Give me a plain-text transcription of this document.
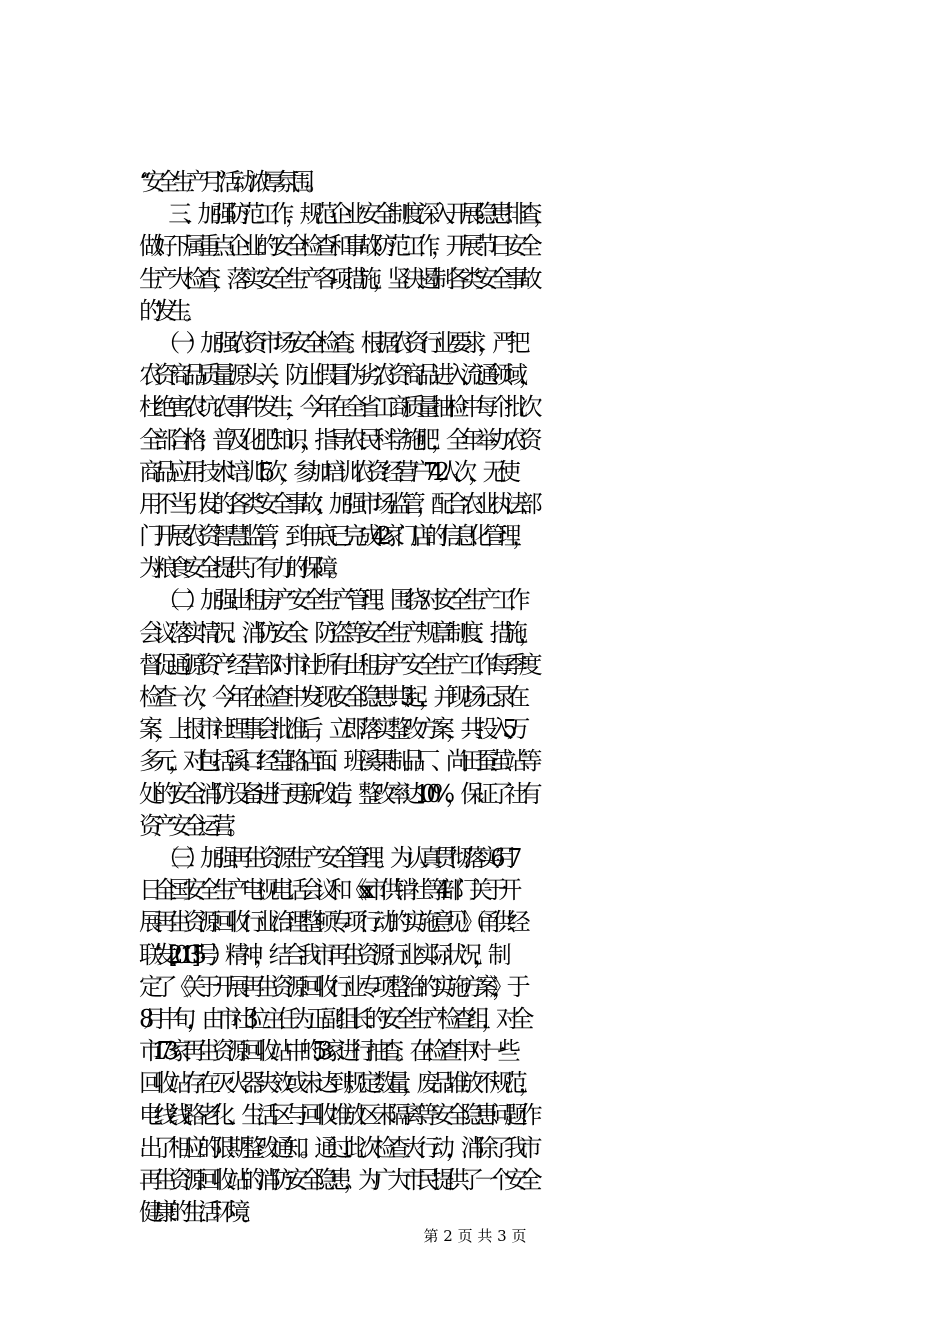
“安全生产月”活动浓厚氛围。
　　三、加强防范工作，规范企业安全制度深入开展隐患排查，
做好下属重点企业的安全检查和事故防范工作，开展节日安全
生产大检查，落实安全生产各项措施，坚决遏制各类安全事故
的发生。
　　（一）加强农资市场安全检查。根据农资行业要求，严把
农资商品质量源头关，防止假冒伪劣农资商品进入流通领域，
杜绝害农坑农事件发生，今年在全省工商质量抽检中每个批次
全部合格；普及化肥知识，指导农民科学施肥，全年举办农资
商品应用技术培训 15 次，参加培训农资经营户 742 人次，无使
用不当引发的各类安全事故；加强市场监管，配合农业执法部
门开展农资智慧监管，到年底已完成 42 家门店的信息化管理，
为粮食安全提供了有力的保障。
　　（二）加强出租房产安全生产管理。围绕对安全生产工作
会议落实情况、消防安全、防盗等安全生产规章制度、措施，
督促通源资产经营部对市社所有出租房产安全生产工作每季度
检查一次，今年在检查中发现安全隐患共 3 起，并现场记录在
案，上报市社理事会批准后，立即落实整改方案，共投入 5 万
多元，对包括溪口经堂路店面、班溪果制品厂、尚田蚕茧站等
处的安全消防设备进行更新改造，整改率达 100%，保证了社有
资产安全运营。
　　（三）加强再生资源生产安全管理。为认真贯彻落实 6 月 7
日全国安全生产电视电话会议和《xx 市供销社等 4 部门关于开
展再生资源回收行业治理整顿专项行动的实施意见》（甬供经
联发[2013]5 号）精神，结合我市再生资源行业实际状况，制
定了《关于开展再生资源回收行业专项整治的实施方案》，于
8 月中旬，由市社 3 位主任为正副组长的安全生产检查组，对全
市 173 家再生资源回收站中的 53 家进行抽查。在检查中对一些
回收站存在灭火器失效或未达到规定数量，废品堆放不规范，
电线线路老化、生活区与回收堆放区未隔离等安全隐患问题作
出了相应的限期整改通知。通过此次检查大行动，消除了我市
再生资源回收站的消防安全隐患，为广大市民提供了一个安全
健康的生活环境。
第 2 页 共 3 页
